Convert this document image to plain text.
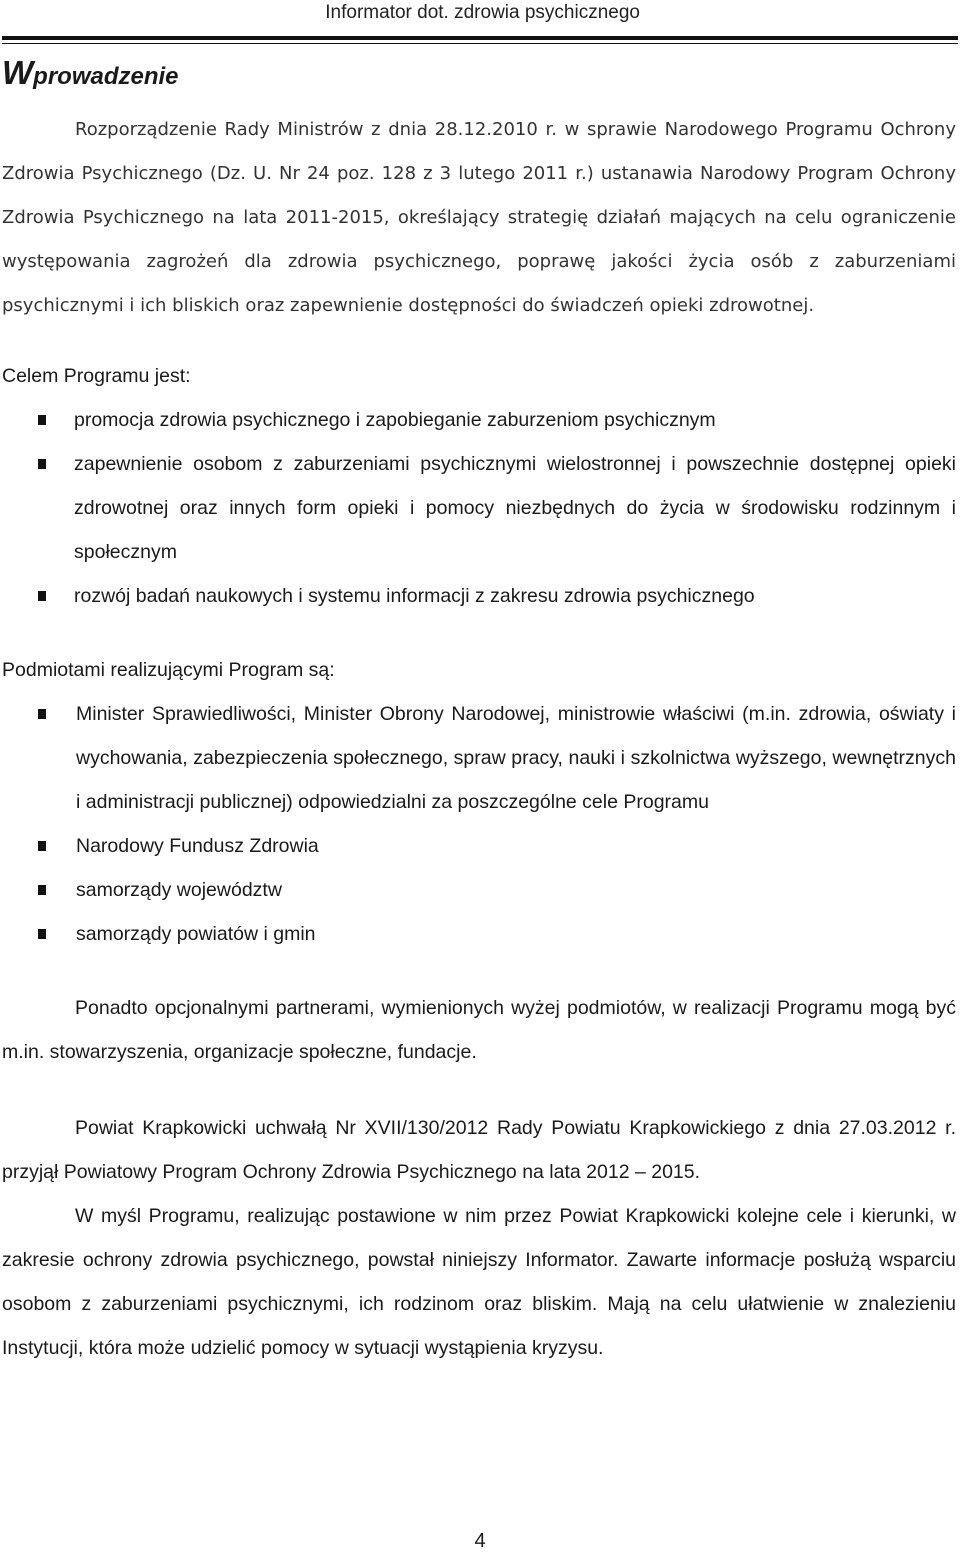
Informator dot. zdrowia psychicznego
Wprowadzenie

Rozporządzenie Rady Ministrów z dnia 28.12.2010 r. w sprawie Narodowego Programu Ochrony Zdrowia Psychicznego (Dz. U. Nr 24 poz. 128 z 3 lutego 2011 r.) ustanawia Narodowy Program Ochrony Zdrowia Psychicznego na lata 2011-2015, określający strategię działań mających na celu ograniczenie występowania zagrożeń dla zdrowia psychicznego, poprawę jakości życia osób z zaburzeniami psychicznymi i ich bliskich oraz zapewnienie dostępności do świadczeń opieki zdrowotnej.

Celem Programu jest:

promocja zdrowia psychicznego i zapobieganie zaburzeniom psychicznym
zapewnienie osobom z zaburzeniami psychicznymi wielostronnej i powszechnie dostępnej opieki zdrowotnej oraz innych form opieki i pomocy niezbędnych do życia w środowisku rodzinnym i społecznym
rozwój badań naukowych i systemu informacji z zakresu zdrowia psychicznego

Podmiotami realizującymi Program są:

Minister Sprawiedliwości, Minister Obrony Narodowej, ministrowie właściwi (m.in. zdrowia, oświaty i wychowania, zabezpieczenia społecznego, spraw pracy, nauki i szkolnictwa wyższego, wewnętrznych i administracji publicznej) odpowiedzialni za poszczególne cele Programu
Narodowy Fundusz Zdrowia
samorządy województw
samorządy powiatów i gmin

Ponadto opcjonalnymi partnerami, wymienionych wyżej podmiotów, w realizacji Programu mogą być m.in. stowarzyszenia, organizacje społeczne, fundacje.

Powiat Krapkowicki uchwałą Nr XVII/130/2012 Rady Powiatu Krapkowickiego z dnia 27.03.2012 r. przyjął Powiatowy Program Ochrony Zdrowia Psychicznego na lata 2012 – 2015.

W myśl Programu, realizując postawione w nim przez Powiat Krapkowicki kolejne cele i kierunki, w zakresie ochrony zdrowia psychicznego, powstał niniejszy Informator. Zawarte informacje posłużą wsparciu osobom z zaburzeniami psychicznymi, ich rodzinom oraz bliskim. Mają na celu ułatwienie w znalezieniu Instytucji, która może udzielić pomocy w sytuacji wystąpienia kryzysu.

4
